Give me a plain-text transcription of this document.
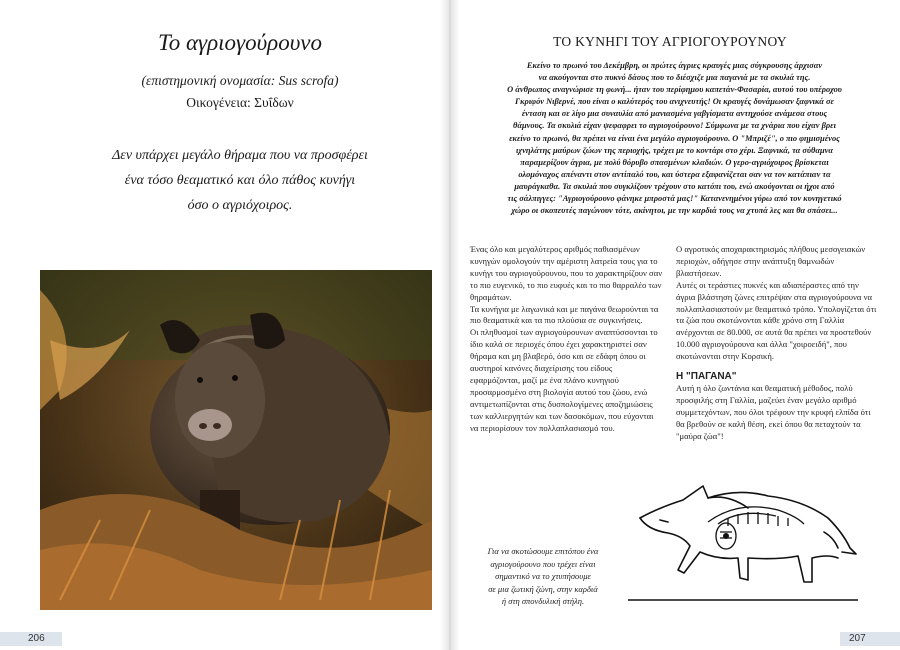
Το αγριογούρουνο
(επιστημονική ονομασία: Sus scrofa)
Οικογένεια: Συΐδων
Δεν υπάρχει μεγάλο θήραμα που να προσφέρει
ένα τόσο θεαματικό και όλο πάθος κυνήγι
όσο ο αγριόχοιρος.
206
ΤΟ ΚΥΝΗΓΙ ΤΟΥ ΑΓΡΙΟΓΟΥΡΟΥΝΟΥ
Εκείνο το πρωινό του Δεκέμβρη, οι πρώτες άγριες κραυγές μιας σύγκρουσης άρχισαν
να ακούγονται στο πυκνό δάσος που το διέσχιζε μια παγανιά με τα σκυλιά της.
Ο άνθρωπος αναγνώρισε τη φωνή... ήταν του περίφημου καπετάν-Φασαρία, αυτού του υπέροχου
Γκριφόν Νιβερνέ, που είναι ο καλύτερός του ανιχνευτής! Οι κραυγές δυνάμωσαν ξαφνικά σε
ένταση και σε λίγο μια συναυλία από μανιασμένα γαβγίσματα αντηχούσε ανάμεσα στους
θάμνους. Τα σκυλιά είχαν ψεφαφρει το αγριογούρουνο! Σύμφωνα με τα χνάρια που είχαν βρει
εκείνο το πρωινό, θα πρέπει να είναι ένα μεγάλο αγριογούρουνο. Ο "Μπριζέ", ο πιο φημισμένος
ιχνηλάτης μαύρων ζώων της περιοχής, τρέχει με το κοντάρι στο χέρι. Ξαφνικά, τα σύθαμνα
παραμερίζουν άγρια, με πολύ θόρυβο σπασμένων κλαδιών. Ο γερο-αγριόχοιρος βρίσκεται
ολομόναχος απέναντι στον αντίπαλό του, και ύστερα εξαφανίζεται σαν να τον κατάπιαν τα
μαυράγκαθα. Τα σκυλιά που συγκλίζουν τρέχουν στο κατόπι του, ενώ ακούγονται οι ήχοι από
τις σάλπιγγες: "Αγριογούρουνο φάνηκε μπροστά μας!" Κατανενημένοι γύρω από τον κυνηγετικό
χώρο οι σκοπευτές παγώνουν τότε, ακίνητοι, με την καρδιά τους να χτυπά λες και θα σπάσει...

Ένας όλο και μεγαλύτερος αριθμός παθιασμένων κυνηγών ομολογούν την αμέριστη λατρεία τους για το κυνήγι του αγριογούρουνου, που το χαρακτηρίζουν σαν το πιο ευγενικό, το πιο ευφυές και το πιο θαρραλέο των θηραμάτων.

Τα κυνήγια με λαγωνικά και με παγάνα θεωρούνται τα πιο θεαματικά και τα πιο πλούσια σε συγκινήσεις.

Οι πληθυσμοί των αγριογούρουνων αναπτύσσονται το ίδιο καλά σε περιοχές όπου έχει χαρακτηριστεί σαν θήραμα και μη βλαβερό, όσο και σε εδάφη όπου οι αυστηροί κανόνες διαχείρισης του είδους εφαρμόζονται, μαζί με ένα πλάνο κυνηγιού προσαρμοσμένο στη βιολογία αυτού του ζώου, ενώ αντιμετωπίζονται στις δυσπολογίμενες αποζημιώσεις των καλλιεργητών και των δασοκόμων, που εύχονται να περιορίσουν τον πολλαπλασιασμό του.

Ο αγροτικός αποχαρακτηρισμός πλήθους μεσογειακών περιοχών, οδήγησε στην ανάπτυξη θαμνωδών βλαστήσεων.

Αυτές οι τεράστιες πυκνές και αδιαπέραστες από την άγρια βλάστηση ζώνες επιτρέψαν στα αγριογούρουνα να πολλαπλασιαστούν με θεαματικό τρόπο. Υπολογίζεται ότι τα ζώα που σκοτώνονται κάθε χρόνο στη Γαλλία ανέρχονται σε 80.000, σε αυτά θα πρέπει να προστεθούν 10.000 αγριογούρουνα και άλλα "χοιροειδή", που σκοτώνονται στην Κορσική.

Η "ΠΑΓΑΝΑ"

Αυτή η όλο ζωντάνια και θεαματική μέθοδος, πολύ προσφιλής στη Γαλλία, μαζεύει έναν μεγάλο αριθμό συμμετεχόντων, που όλοι τρέφουν την κρυφή ελπίδα ότι θα βρεθούν σε καλή θέση, εκεί όπου θα πεταχτούν τα "μαύρα ζώα"!

Για να σκοτώσουμε επιτόπου ένα
αγριογούρουνο που τρέχει είναι
σημαντικό να το χτυπήσουμε
σε μια ζωτική ζώνη, στην καρδιά
ή στη σπονδυλική στήλη.
207
